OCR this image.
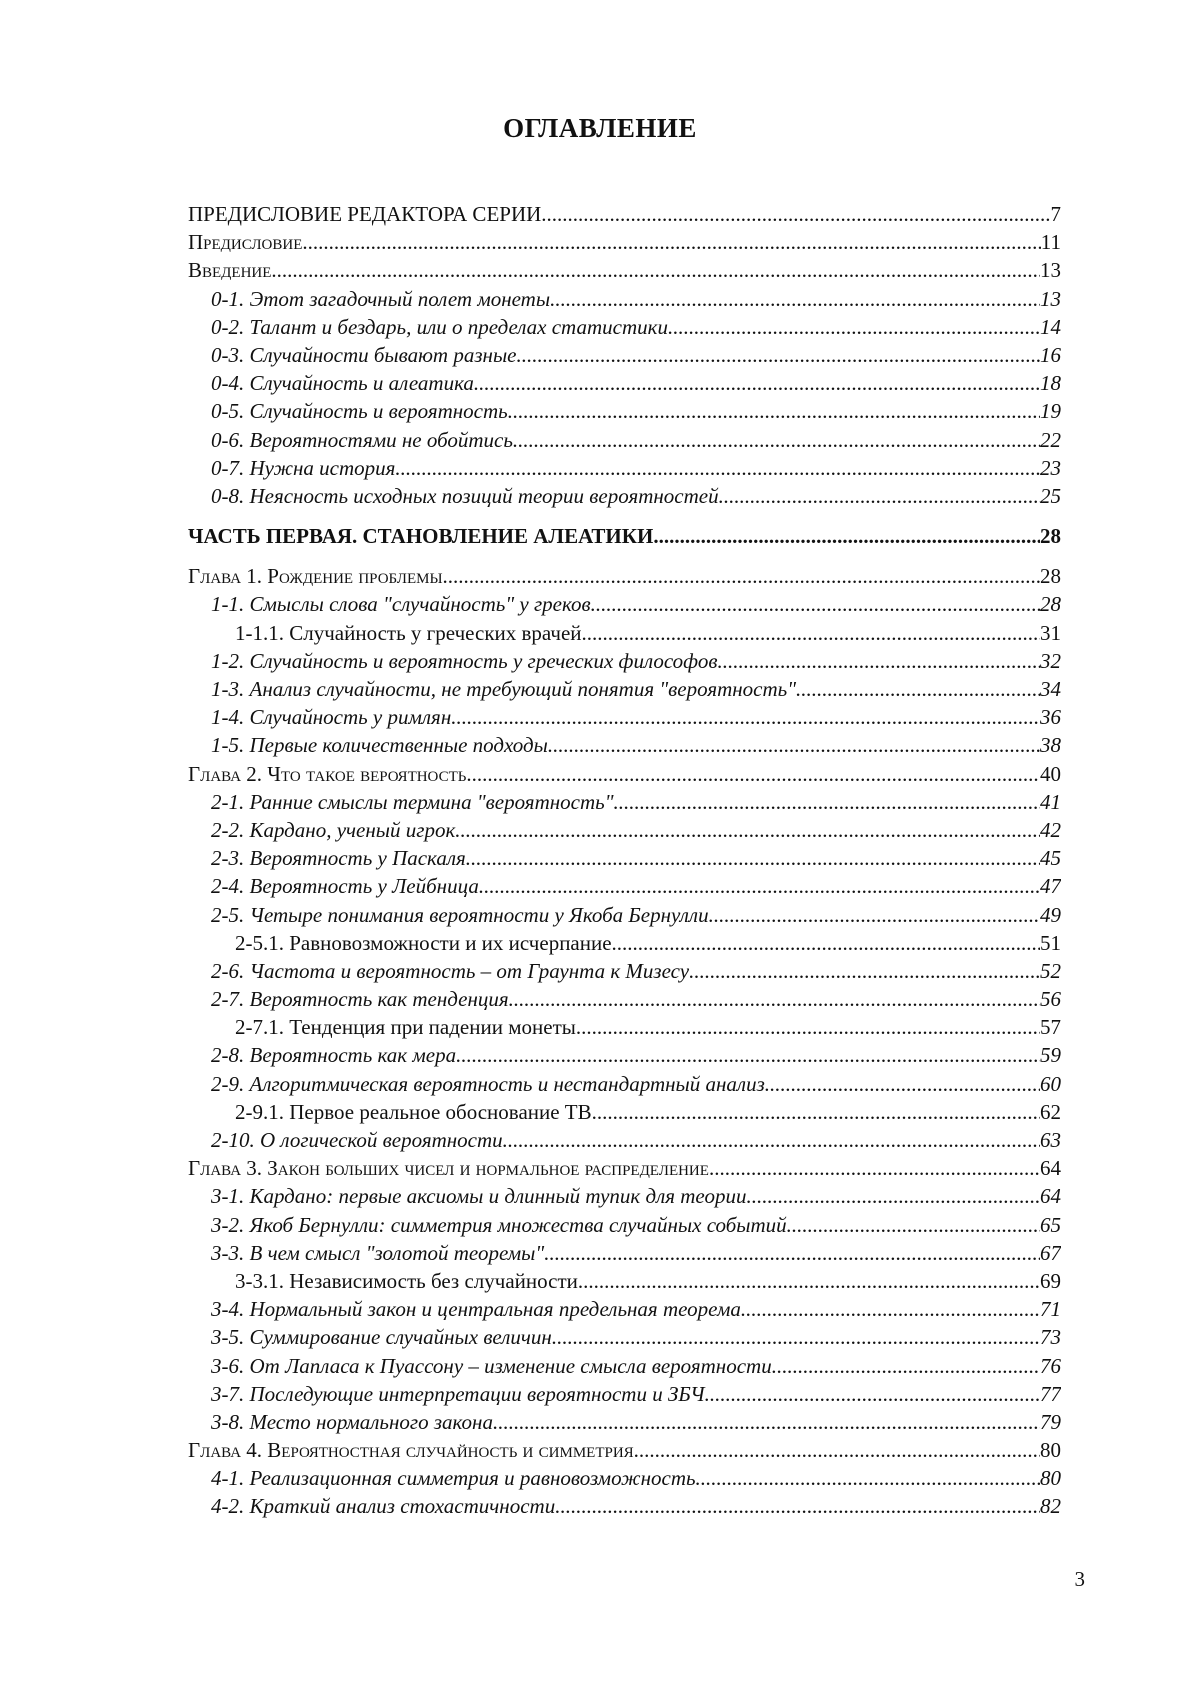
ОГЛАВЛЕНИЕ
ПРЕДИСЛОВИЕ РЕДАКТОРА СЕРИИ .....	7
Предисловие .....	11
Введение .....	13
0-1. Этот загадочный полет монеты .....	13
0-2. Талант и бездарь, или о пределах статистики .....	14
0-3. Случайности бывают разные .....	16
0-4. Случайность и алеатика .....	18
0-5. Случайность и вероятность .....	19
0-6. Вероятностями не обойтись .....	22
0-7. Нужна история .....	23
0-8. Неясность исходных позиций теории вероятностей .....	25
ЧАСТЬ ПЕРВАЯ. СТАНОВЛЕНИЕ АЛЕАТИКИ .....	28
Глава 1. Рождение проблемы .....	28
1-1. Смыслы слова "случайность" у греков .....	28
1-1.1. Случайность у греческих врачей .....	31
1-2. Случайность и вероятность у греческих философов .....	32
1-3. Анализ случайности, не требующий понятия "вероятность" .....	34
1-4. Случайность у римлян .....	36
1-5. Первые количественные подходы .....	38
Глава 2. Что такое вероятность .....	40
2-1. Ранние смыслы термина "вероятность" .....	41
2-2. Кардано, ученый игрок .....	42
2-3. Вероятность у Паскаля .....	45
2-4. Вероятность у Лейбница .....	47
2-5. Четыре понимания вероятности у Якоба Бернулли .....	49
2-5.1. Равновозможности и их исчерпание .....	51
2-6. Частота и вероятность – от Граунта к Мизесу .....	52
2-7. Вероятность как тенденция .....	56
2-7.1. Тенденция при падении монеты .....	57
2-8. Вероятность как мера .....	59
2-9. Алгоритмическая вероятность и нестандартный анализ .....	60
2-9.1. Первое реальное обоснование ТВ .....	62
2-10. О логической вероятности .....	63
Глава 3. Закон больших чисел и нормальное распределение .....	64
3-1. Кардано: первые аксиомы и длинный тупик для теории .....	64
3-2. Якоб Бернулли: симметрия множества случайных событий .....	65
3-3. В чем смысл "золотой теоремы" .....	67
3-3.1. Независимость без случайности .....	69
3-4. Нормальный закон и центральная предельная теорема .....	71
3-5. Суммирование случайных величин .....	73
3-6. От Лапласа к Пуассону – изменение смысла вероятности .....	76
3-7. Последующие интерпретации вероятности и ЗБЧ .....	77
3-8. Место нормального закона .....	79
Глава 4. Вероятностная случайность и симметрия .....	80
4-1. Реализационная симметрия и равновозможность .....	80
4-2. Краткий анализ стохастичности .....	82

3
